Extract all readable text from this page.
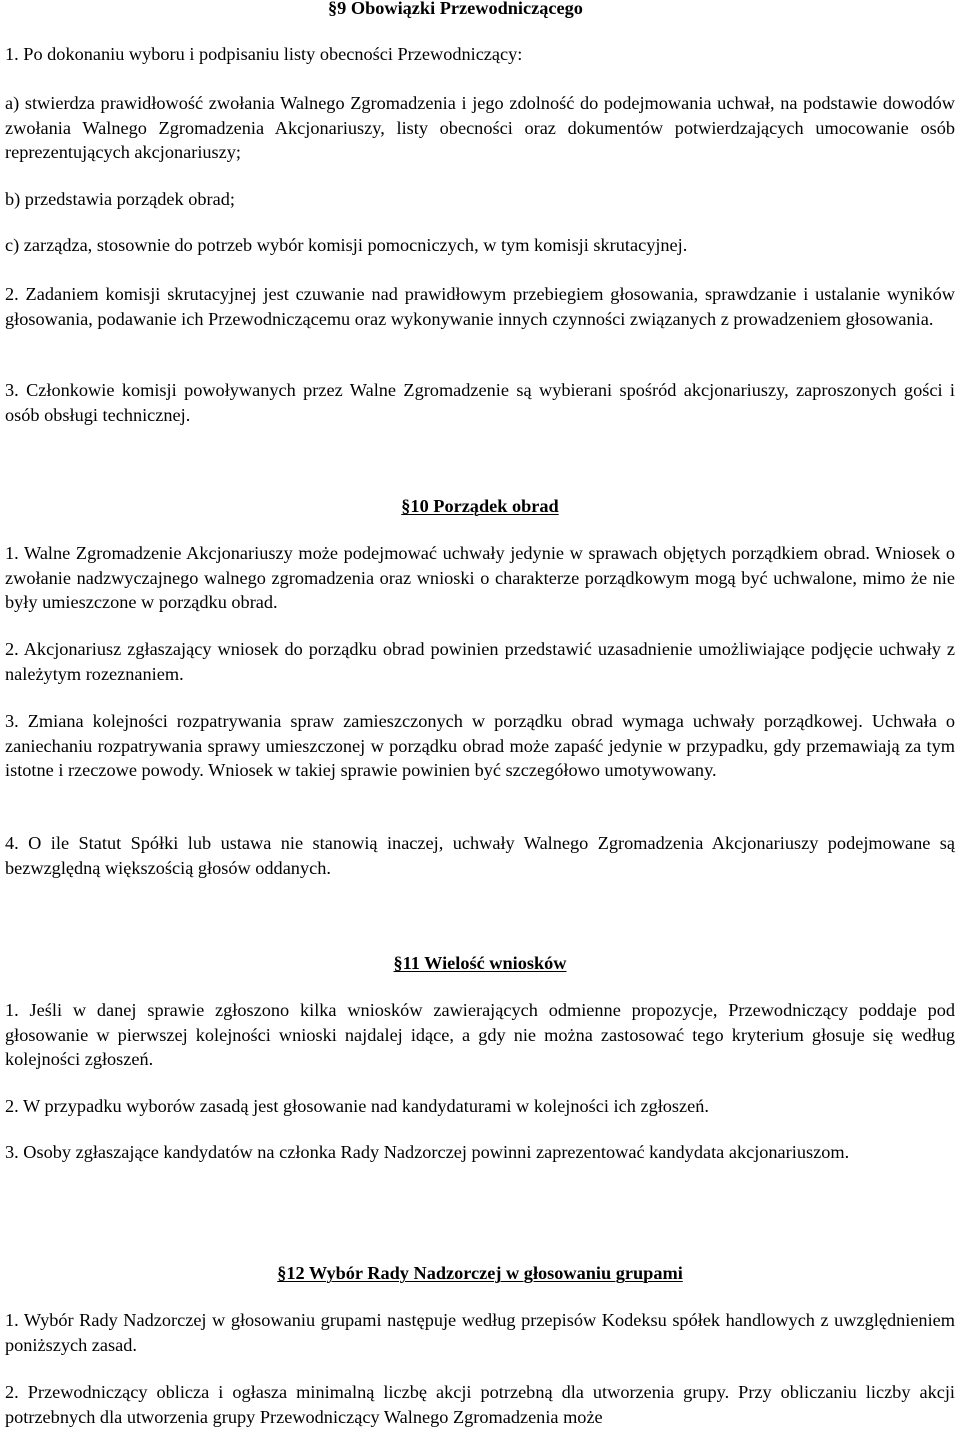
§9 Obowiązki Przewodniczącego

1. Po dokonaniu wyboru i podpisaniu listy obecności Przewodniczący:

a) stwierdza prawidłowość zwołania Walnego Zgromadzenia i jego zdolność do podejmowania uchwał, na podstawie dowodów zwołania Walnego Zgromadzenia Akcjonariuszy, listy obecności oraz dokumentów potwierdzających umocowanie osób reprezentujących akcjonariuszy;

b) przedstawia porządek obrad;

c) zarządza, stosownie do potrzeb wybór komisji pomocniczych, w tym komisji skrutacyjnej.

2. Zadaniem komisji skrutacyjnej jest czuwanie nad prawidłowym przebiegiem głosowania, sprawdzanie i ustalanie wyników głosowania, podawanie ich Przewodniczącemu oraz wykonywanie innych czynności związanych z prowadzeniem głosowania.

3. Członkowie komisji powoływanych przez Walne Zgromadzenie są wybierani spośród akcjonariuszy, zaproszonych gości i osób obsługi technicznej.

§10 Porządek obrad

1. Walne Zgromadzenie Akcjonariuszy może podejmować uchwały jedynie w sprawach objętych porządkiem obrad. Wniosek o zwołanie nadzwyczajnego walnego zgromadzenia oraz wnioski o charakterze porządkowym mogą być uchwalone, mimo że nie były umieszczone w porządku obrad.

2. Akcjonariusz zgłaszający wniosek do porządku obrad powinien przedstawić uzasadnienie umożliwiające podjęcie uchwały z należytym rozeznaniem.

3. Zmiana kolejności rozpatrywania spraw zamieszczonych w porządku obrad wymaga uchwały porządkowej. Uchwała o zaniechaniu rozpatrywania sprawy umieszczonej w porządku obrad może zapaść jedynie w przypadku, gdy przemawiają za tym istotne i rzeczowe powody. Wniosek w takiej sprawie powinien być szczegółowo umotywowany.

4. O ile Statut Spółki lub ustawa nie stanowią inaczej, uchwały Walnego Zgromadzenia Akcjonariuszy podejmowane są bezwzględną większością głosów oddanych.

§11 Wielość wniosków

1. Jeśli w danej sprawie zgłoszono kilka wniosków zawierających odmienne propozycje, Przewodniczący poddaje pod głosowanie w pierwszej kolejności wnioski najdalej idące, a gdy nie można zastosować tego kryterium głosuje się według kolejności zgłoszeń.

2. W przypadku wyborów zasadą jest głosowanie nad kandydaturami w kolejności ich zgłoszeń.

3. Osoby zgłaszające kandydatów na członka Rady Nadzorczej powinni zaprezentować kandydata akcjonariuszom.

§12 Wybór Rady Nadzorczej w głosowaniu grupami

1. Wybór Rady Nadzorczej w głosowaniu grupami następuje według przepisów Kodeksu spółek handlowych z uwzględnieniem poniższych zasad.

2. Przewodniczący oblicza i ogłasza minimalną liczbę akcji potrzebną dla utworzenia grupy. Przy obliczaniu liczby akcji potrzebnych dla utworzenia grupy Przewodniczący Walnego Zgromadzenia może
